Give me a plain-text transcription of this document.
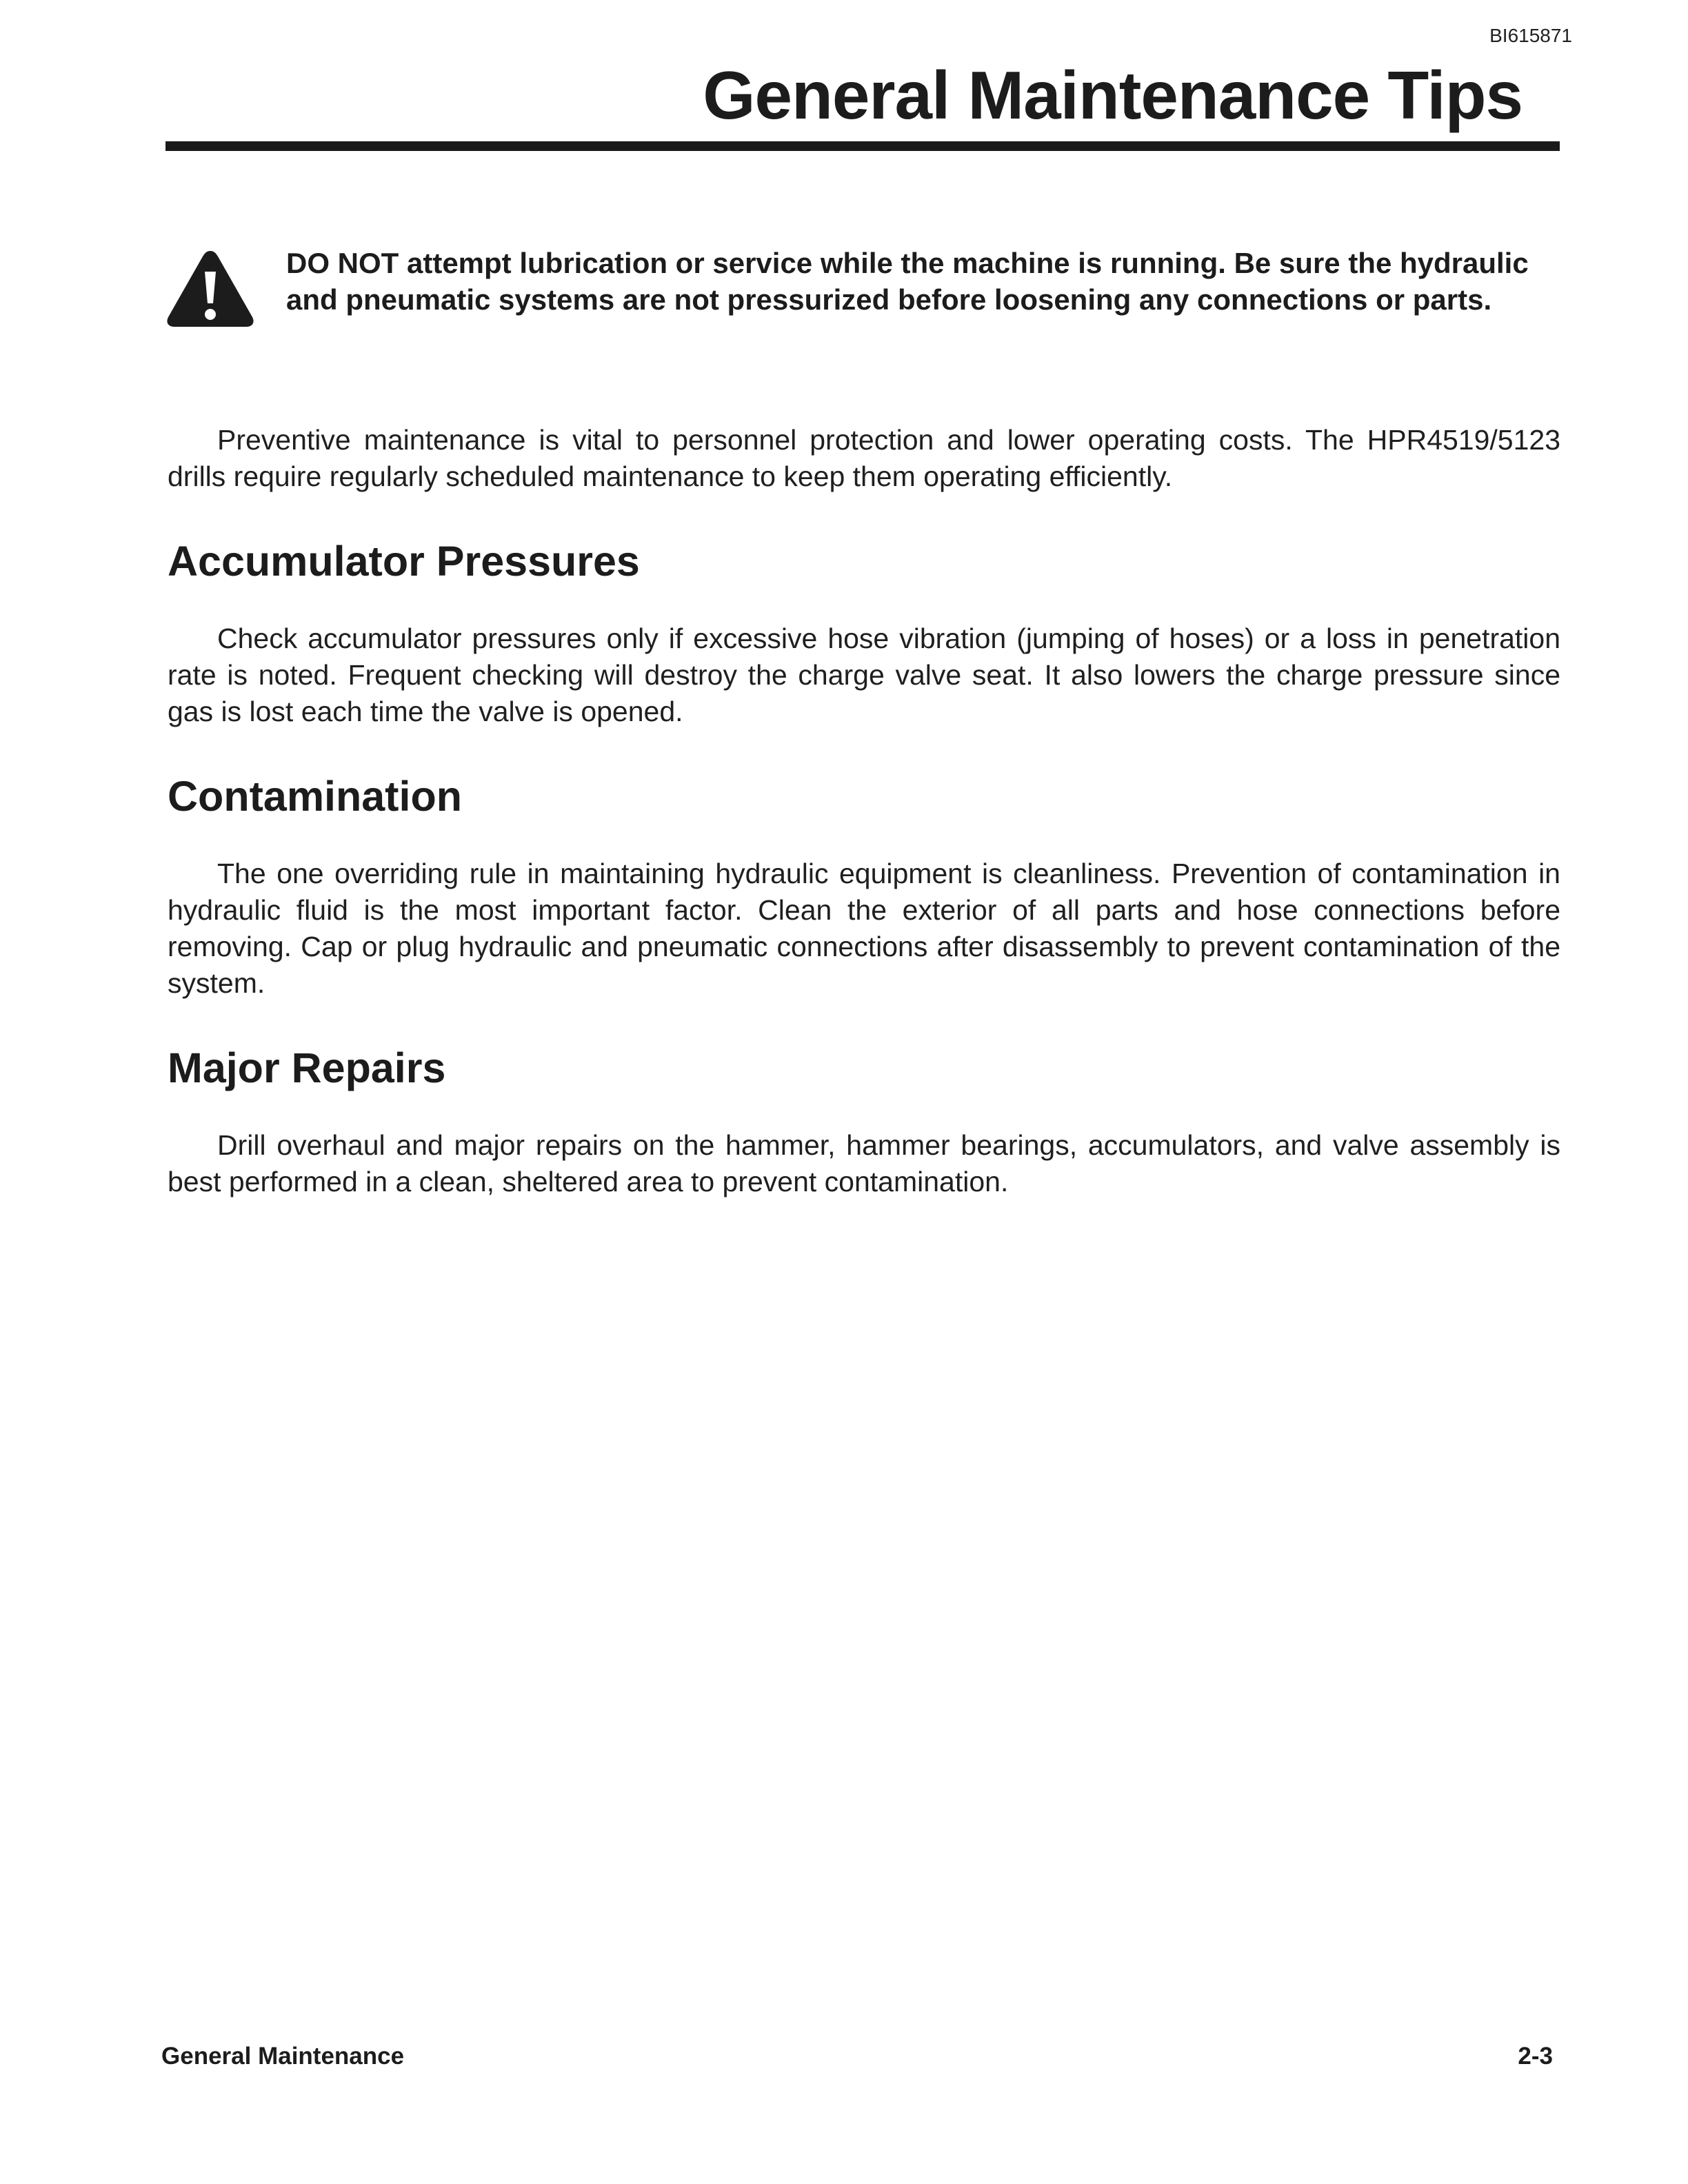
BI615871
General Maintenance Tips

DO NOT attempt lubrication or service while the machine is running. Be sure the hydraulic and pneumatic systems are not pressurized before loosening any connections or parts.

Preventive maintenance is vital to personnel protection and lower operating costs. The HPR4519/5123 drills require regularly scheduled maintenance to keep them operating efficiently.

Accumulator Pressures

Check accumulator pressures only if excessive hose vibration (jumping of hoses) or a loss in penetration rate is noted. Frequent checking will destroy the charge valve seat. It also lowers the charge pressure since gas is lost each time the valve is opened.

Contamination

The one overriding rule in maintaining hydraulic equipment is cleanliness. Prevention of contamination in hydraulic fluid is the most important factor. Clean the exterior of all parts and hose connections before removing. Cap or plug hydraulic and pneumatic connections after disassembly to prevent contamination of the system.

Major Repairs

Drill overhaul and major repairs on the hammer, hammer bearings, accumulators, and valve assembly is best performed in a clean, sheltered area to prevent contamination.

General Maintenance	2-3
